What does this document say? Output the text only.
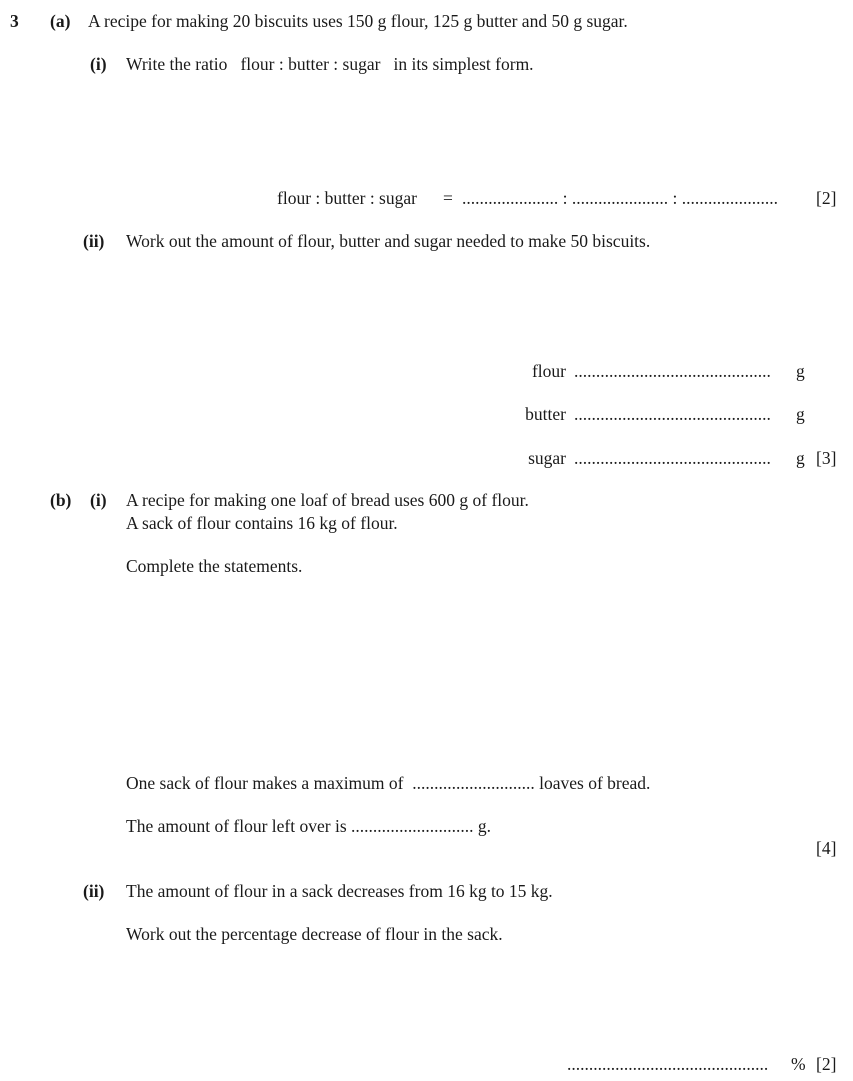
3 (a) A recipe for making 20 biscuits uses 150 g flour, 125 g butter and 50 g sugar.
(i) Write the ratio   flour : butter : sugar   in its simplest form.
flour : butter : sugar = ...................... : ...................... : ...................... [2]
(ii) Work out the amount of flour, butter and sugar needed to make 50 biscuits.
flour ............................................. g
butter ............................................. g
sugar ............................................. g [3]
(b) (i) A recipe for making one loaf of bread uses 600 g of flour.
A sack of flour contains 16 kg of flour.
Complete the statements.
One sack of flour makes a maximum of  ............................ loaves of bread.
The amount of flour left over is ............................ g.
[4]
(ii) The amount of flour in a sack decreases from 16 kg to 15 kg.
Work out the percentage decrease of flour in the sack.
.............................................. % [2]
